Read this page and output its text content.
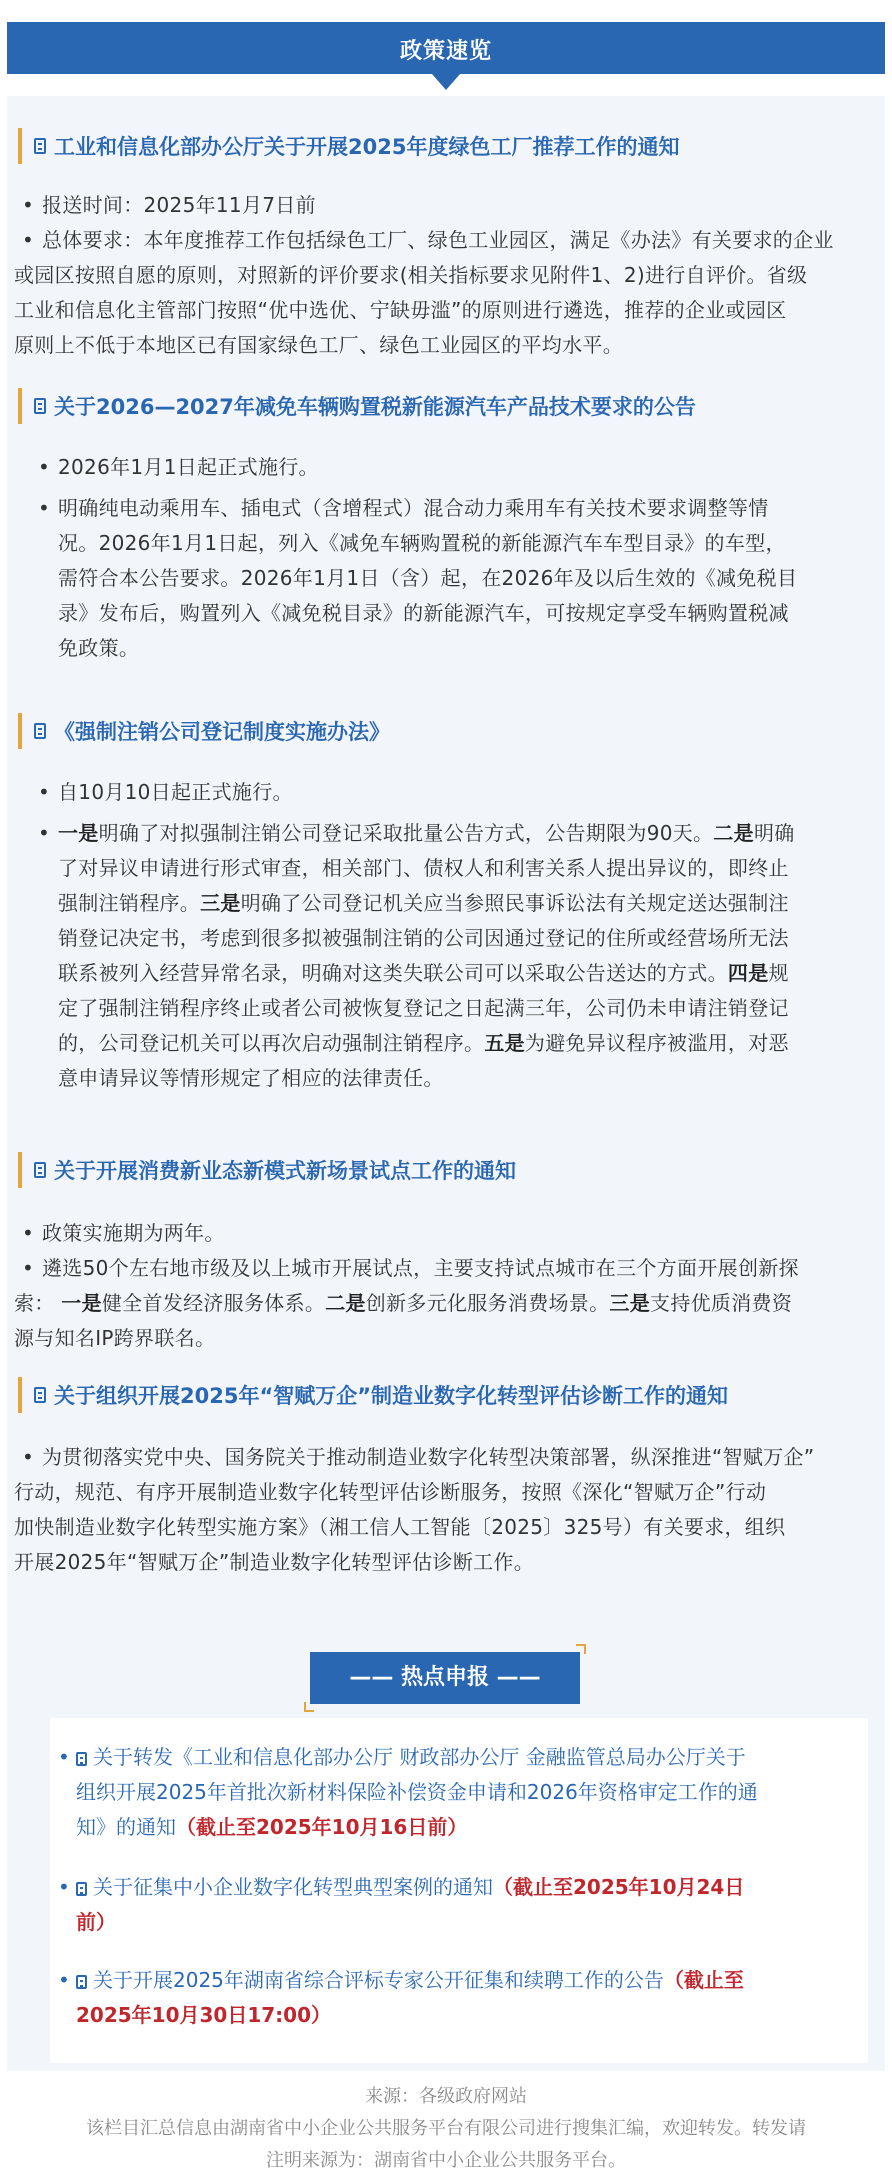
政策速览
工业和信息化部办公厅关于开展2025年度绿色工厂推荐工作的通知
• 报送时间：2025年11月7日前
• 总体要求：本年度推荐工作包括绿色工厂、绿色工业园区，满足《办法》有关要求的企业
或园区按照自愿的原则，对照新的评价要求(相关指标要求见附件1、2)进行自评价。省级
工业和信息化主管部门按照“优中选优、宁缺毋滥”的原则进行遴选，推荐的企业或园区
原则上不低于本地区已有国家绿色工厂、绿色工业园区的平均水平。
关于2026—2027年减免车辆购置税新能源汽车产品技术要求的公告
• 2026年1月1日起正式施行。
• 明确纯电动乘用车、插电式（含增程式）混合动力乘用车有关技术要求调整等情
况。2026年1月1日起，列入《减免车辆购置税的新能源汽车车型目录》的车型，
需符合本公告要求。2026年1月1日（含）起，在2026年及以后生效的《减免税目
录》发布后，购置列入《减免税目录》的新能源汽车，可按规定享受车辆购置税减
免政策。
《强制注销公司登记制度实施办法》
• 自10月10日起正式施行。
• 一是明确了对拟强制注销公司登记采取批量公告方式，公告期限为90天。二是明确
了对异议申请进行形式审查，相关部门、债权人和利害关系人提出异议的，即终止
强制注销程序。三是明确了公司登记机关应当参照民事诉讼法有关规定送达强制注
销登记决定书，考虑到很多拟被强制注销的公司因通过登记的住所或经营场所无法
联系被列入经营异常名录，明确对这类失联公司可以采取公告送达的方式。四是规
定了强制注销程序终止或者公司被恢复登记之日起满三年，公司仍未申请注销登记
的，公司登记机关可以再次启动强制注销程序。五是为避免异议程序被滥用，对恶
意申请异议等情形规定了相应的法律责任。
关于开展消费新业态新模式新场景试点工作的通知
• 政策实施期为两年。
• 遴选50个左右地市级及以上城市开展试点，主要支持试点城市在三个方面开展创新探
索： 一是健全首发经济服务体系。二是创新多元化服务消费场景。三是支持优质消费资
源与知名IP跨界联名。
关于组织开展2025年“智赋万企”制造业数字化转型评估诊断工作的通知
• 为贯彻落实党中央、国务院关于推动制造业数字化转型决策部署，纵深推进“智赋万企”
行动，规范、有序开展制造业数字化转型评估诊断服务，按照《深化“智赋万企”行动
加快制造业数字化转型实施方案》（湘工信人工智能〔2025〕325号）有关要求，组织
开展2025年“智赋万企”制造业数字化转型评估诊断工作。
—— 热点申报 ——
• 关于转发《工业和信息化部办公厅 财政部办公厅 金融监管总局办公厅关于
组织开展2025年首批次新材料保险补偿资金申请和2026年资格审定工作的通
知》的通知（截止至2025年10月16日前）
• 关于征集中小企业数字化转型典型案例的通知（截止至2025年10月24日
前）
• 关于开展2025年湖南省综合评标专家公开征集和续聘工作的公告（截止至
2025年10月30日17:00）
来源：各级政府网站
该栏目汇总信息由湖南省中小企业公共服务平台有限公司进行搜集汇编，欢迎转发。转发请
注明来源为：湖南省中小企业公共服务平台。
